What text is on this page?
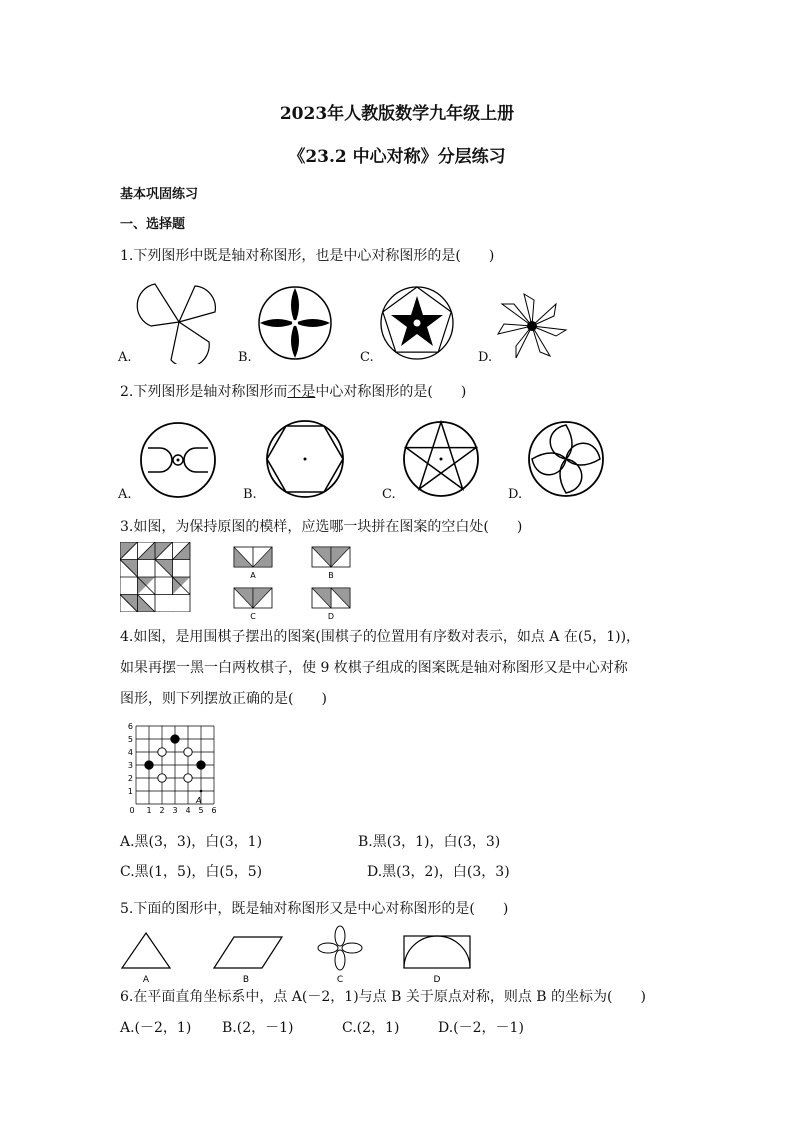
2023年人教版数学九年级上册
《23.2 中心对称》分层练习
基本巩固练习
一、选择题
1.下列图形中既是轴对称图形，也是中心对称图形的是(　　)
A.	B.	C.	D.
2.下列图形是轴对称图形而不是中心对称图形的是(　　)
A.	B.	C.	D.
3.如图，为保持原图的模样，应选哪一块拼在图案的空白处(　　)
A	B
C	D
4.如图，是用围棋子摆出的图案(围棋子的位置用有序数对表示，如点 A 在(5，1))，
如果再摆一黑一白两枚棋子，使 9 枚棋子组成的图案既是轴对称图形又是中心对称
图形，则下列摆放正确的是(　　)
1
2
3
4
5
6
0 1 2 3 4 5 6
A
A.黑(3，3)，白(3，1)	B.黑(3，1)，白(3，3)
C.黑(1，5)，白(5，5)	D.黑(3，2)，白(3，3)
5.下面的图形中，既是轴对称图形又是中心对称图形的是(　　)
A	B	C	D
6.在平面直角坐标系中，点 A(－2，1)与点 B 关于原点对称，则点 B 的坐标为(　　)
A.(－2，1) B.(2，－1)	C.(2，1)	D.(－2，－1)
